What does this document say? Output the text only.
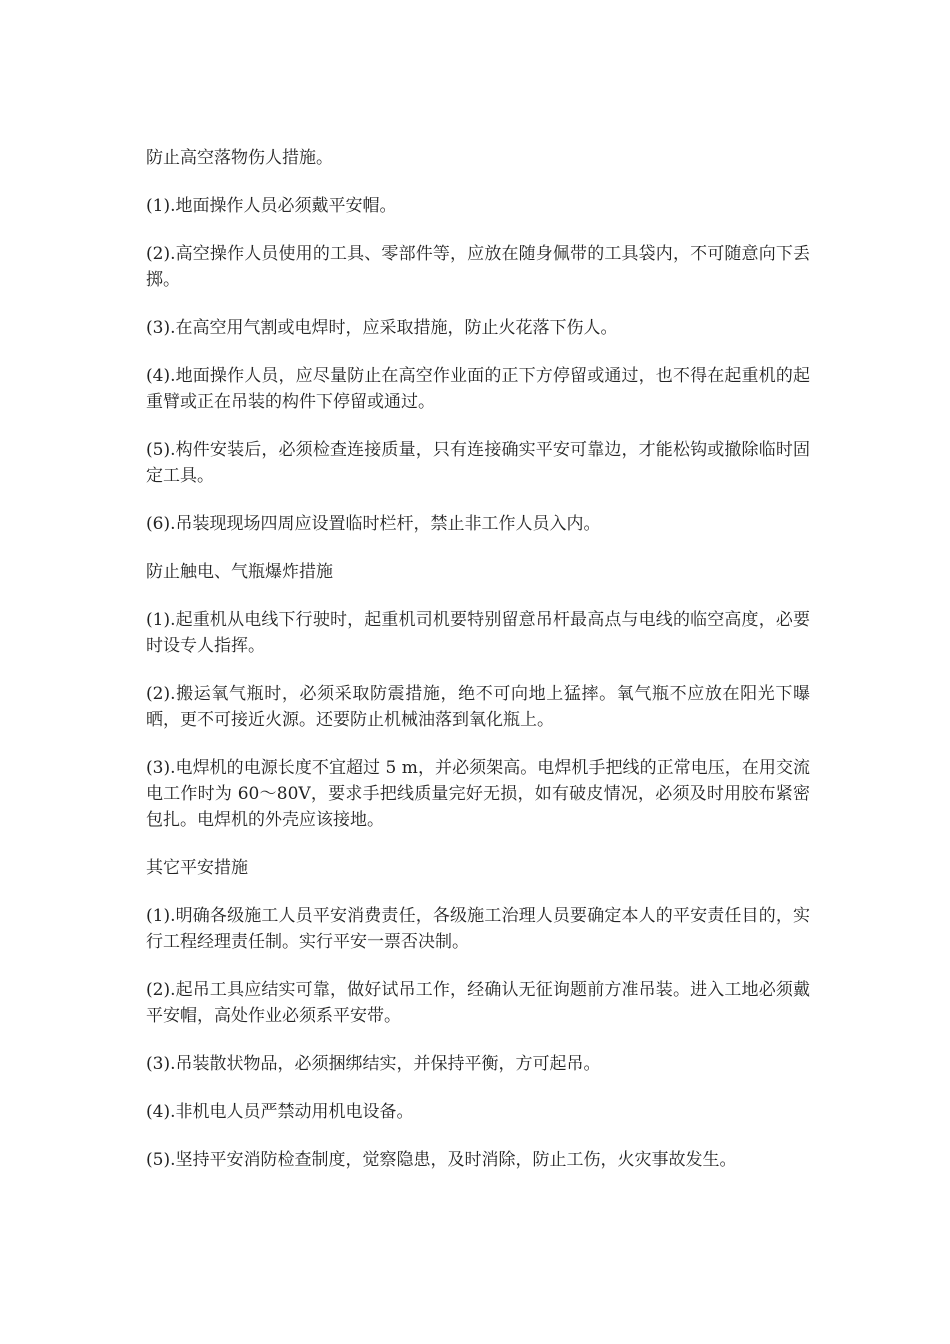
防止高空落物伤人措施。

(1).地面操作人员必须戴平安帽。

(2).高空操作人员使用的工具、零部件等，应放在随身佩带的工具袋内，不可随意向下丢掷。

(3).在高空用气割或电焊时，应采取措施，防止火花落下伤人。

(4).地面操作人员，应尽量防止在高空作业面的正下方停留或通过，也不得在起重机的起重臂或正在吊装的构件下停留或通过。

(5).构件安装后，必须检查连接质量，只有连接确实平安可靠边，才能松钩或撤除临时固定工具。

(6).吊装现现场四周应设置临时栏杆，禁止非工作人员入内。

防止触电、气瓶爆炸措施

(1).起重机从电线下行驶时，起重机司机要特别留意吊杆最高点与电线的临空高度，必要时设专人指挥。

(2).搬运氧气瓶时，必须采取防震措施，绝不可向地上猛摔。氧气瓶不应放在阳光下曝晒，更不可接近火源。还要防止机械油落到氧化瓶上。

(3).电焊机的电源长度不宜超过 5 m，并必须架高。电焊机手把线的正常电压，在用交流电工作时为 60～80V，要求手把线质量完好无损，如有破皮情况，必须及时用胶布紧密包扎。电焊机的外壳应该接地。

其它平安措施

(1).明确各级施工人员平安消费责任，各级施工治理人员要确定本人的平安责任目的，实行工程经理责任制。实行平安一票否决制。

(2).起吊工具应结实可靠，做好试吊工作，经确认无征询题前方准吊装。进入工地必须戴平安帽，高处作业必须系平安带。

(3).吊装散状物品，必须捆绑结实，并保持平衡，方可起吊。

(4).非机电人员严禁动用机电设备。

(5).坚持平安消防检查制度，觉察隐患，及时消除，防止工伤，火灾事故发生。
